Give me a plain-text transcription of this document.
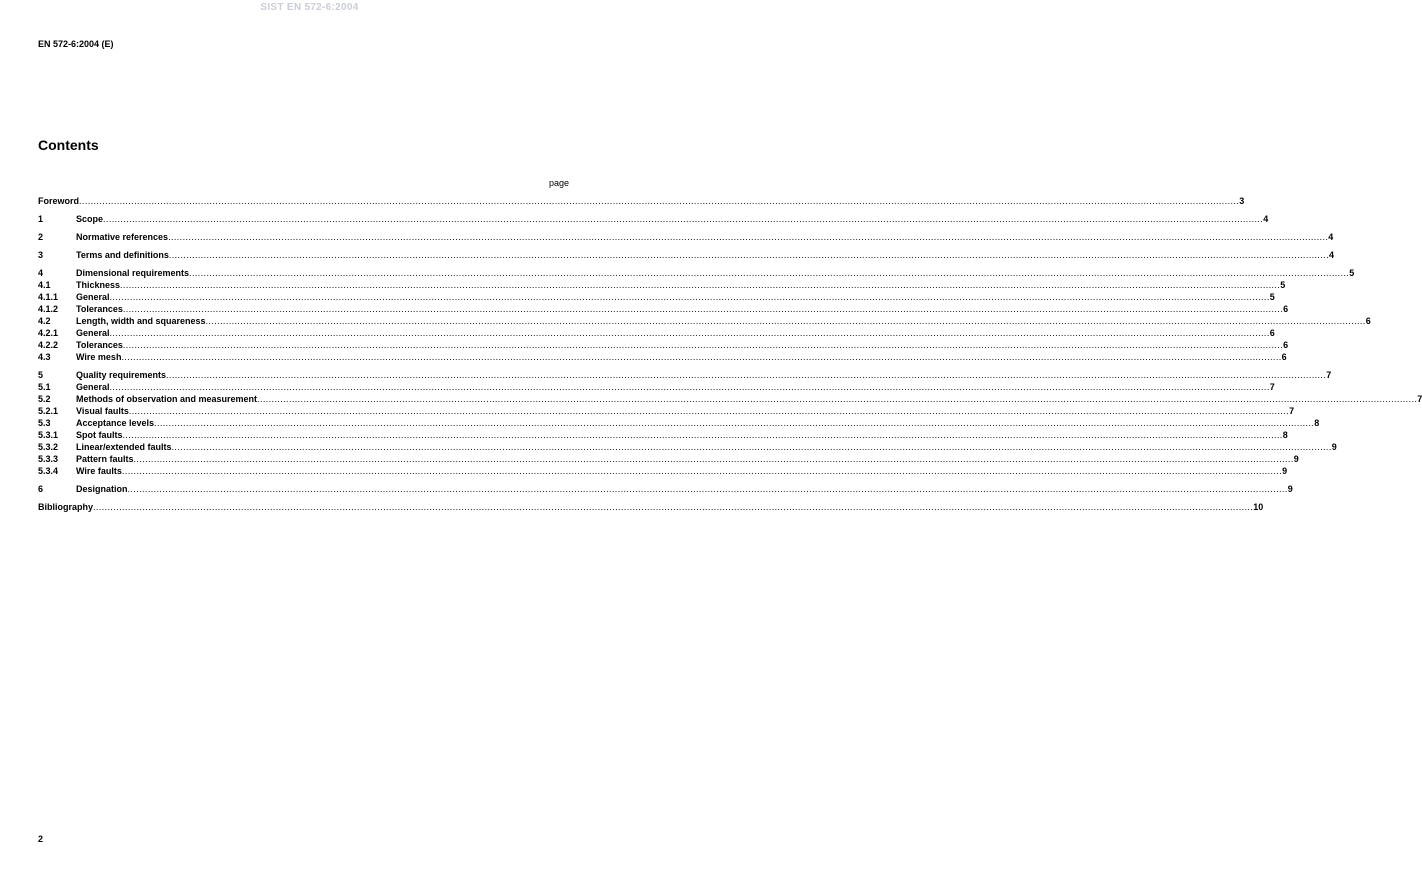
SIST EN 572-6:2004
EN 572-6:2004 (E)
Contents
page
Foreword ................................................................................................................................................................................................................................................................................................................................................................................................................ 3
1	Scope ................................................................................................................................................................................................................................................................................................................................................................................................................ 4
2	Normative references ................................................................................................................................................................................................................................................................................................................................................................................................................ 4
3	Terms and definitions ................................................................................................................................................................................................................................................................................................................................................................................................................ 4
4	Dimensional requirements ................................................................................................................................................................................................................................................................................................................................................................................................................ 5
4.1	Thickness ................................................................................................................................................................................................................................................................................................................................................................................................................ 5
4.1.1	General ................................................................................................................................................................................................................................................................................................................................................................................................................ 5
4.1.2	Tolerances ................................................................................................................................................................................................................................................................................................................................................................................................................ 6
4.2	Length, width and squareness ................................................................................................................................................................................................................................................................................................................................................................................................................ 6
4.2.1	General ................................................................................................................................................................................................................................................................................................................................................................................................................ 6
4.2.2	Tolerances ................................................................................................................................................................................................................................................................................................................................................................................................................ 6
4.3	Wire mesh ................................................................................................................................................................................................................................................................................................................................................................................................................ 6
5	Quality requirements ................................................................................................................................................................................................................................................................................................................................................................................................................ 7
5.1	General ................................................................................................................................................................................................................................................................................................................................................................................................................ 7
5.2	Methods of observation and measurement ................................................................................................................................................................................................................................................................................................................................................................................................................ 7
5.2.1	Visual faults ................................................................................................................................................................................................................................................................................................................................................................................................................ 7
5.3	Acceptance levels ................................................................................................................................................................................................................................................................................................................................................................................................................ 8
5.3.1	Spot faults ................................................................................................................................................................................................................................................................................................................................................................................................................ 8
5.3.2	Linear/extended faults ................................................................................................................................................................................................................................................................................................................................................................................................................ 9
5.3.3	Pattern faults ................................................................................................................................................................................................................................................................................................................................................................................................................ 9
5.3.4	Wire faults ................................................................................................................................................................................................................................................................................................................................................................................................................ 9
6	Designation ................................................................................................................................................................................................................................................................................................................................................................................................................ 9
Bibliography ................................................................................................................................................................................................................................................................................................................................................................................................................ 10
2
